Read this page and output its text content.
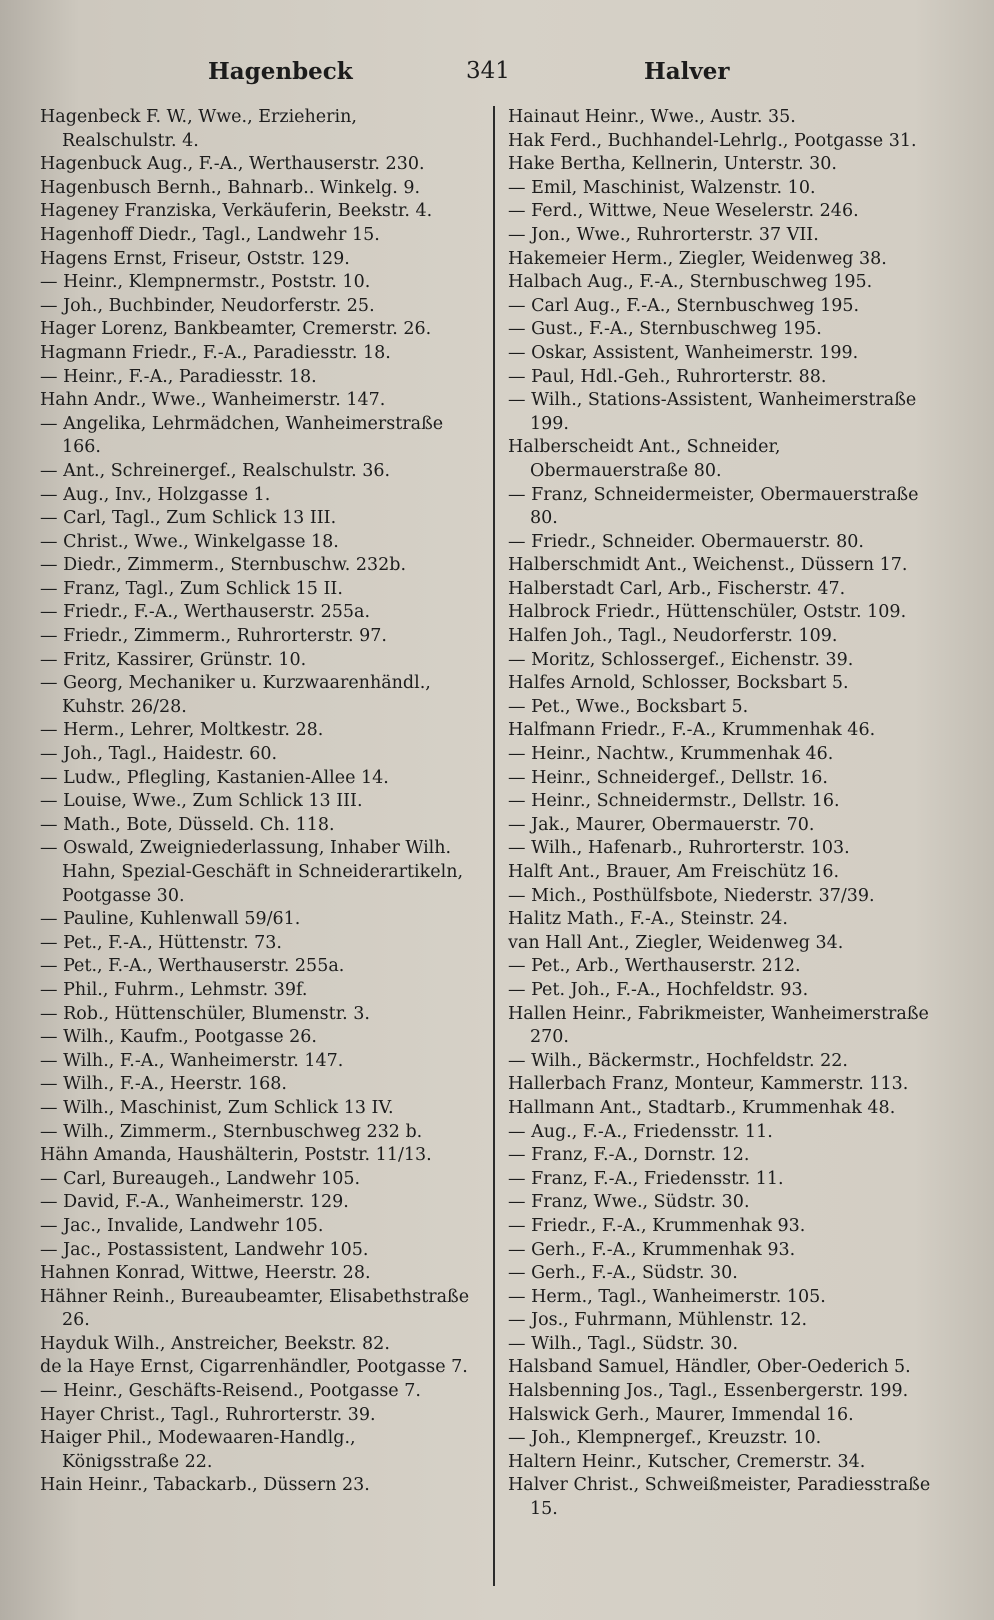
Hagenbeck	341	Halver
Hagenbeck F. W., Wwe., Erzieherin, Realschulstr. 4.
Hagenbuck Aug., F.-A., Werthauserstr. 230.
Hagenbusch Bernh., Bahnarb.. Winkelg. 9.
Hageney Franziska, Verkäuferin, Beekstr. 4.
Hagenhoff Diedr., Tagl., Landwehr 15.
Hagens Ernst, Friseur, Oststr. 129.
— Heinr., Klempnermstr., Poststr. 10.
— Joh., Buchbinder, Neudorferstr. 25.
Hager Lorenz, Bankbeamter, Cremerstr. 26.
Hagmann Friedr., F.-A., Paradiesstr. 18.
— Heinr., F.-A., Paradiesstr. 18.
Hahn Andr., Wwe., Wanheimerstr. 147.
— Angelika, Lehrmädchen, Wanheimerstraße 166.
— Ant., Schreinergef., Realschulstr. 36.
— Aug., Inv., Holzgasse 1.
— Carl, Tagl., Zum Schlick 13 III.
— Christ., Wwe., Winkelgasse 18.
— Diedr., Zimmerm., Sternbuschw. 232b.
— Franz, Tagl., Zum Schlick 15 II.
— Friedr., F.-A., Werthauserstr. 255a.
— Friedr., Zimmerm., Ruhrorterstr. 97.
— Fritz, Kassirer, Grünstr. 10.
— Georg, Mechaniker u. Kurzwaarenhändl., Kuhstr. 26/28.
— Herm., Lehrer, Moltkestr. 28.
— Joh., Tagl., Haidestr. 60.
— Ludw., Pflegling, Kastanien-Allee 14.
— Louise, Wwe., Zum Schlick 13 III.
— Math., Bote, Düsseld. Ch. 118.
— Oswald, Zweigniederlassung, Inhaber Wilh. Hahn, Spezial-Geschäft in Schneiderartikeln, Pootgasse 30.
— Pauline, Kuhlenwall 59/61.
— Pet., F.-A., Hüttenstr. 73.
— Pet., F.-A., Werthauserstr. 255a.
— Phil., Fuhrm., Lehmstr. 39f.
— Rob., Hüttenschüler, Blumenstr. 3.
— Wilh., Kaufm., Pootgasse 26.
— Wilh., F.-A., Wanheimerstr. 147.
— Wilh., F.-A., Heerstr. 168.
— Wilh., Maschinist, Zum Schlick 13 IV.
— Wilh., Zimmerm., Sternbuschweg 232 b.
Hähn Amanda, Haushälterin, Poststr. 11/13.
— Carl, Bureaugeh., Landwehr 105.
— David, F.-A., Wanheimerstr. 129.
— Jac., Invalide, Landwehr 105.
— Jac., Postassistent, Landwehr 105.
Hahnen Konrad, Wittwe, Heerstr. 28.
Hähner Reinh., Bureaubeamter, Elisabethstraße 26.
Hayduk Wilh., Anstreicher, Beekstr. 82.
de la Haye Ernst, Cigarrenhändler, Pootgasse 7.
— Heinr., Geschäfts-Reisend., Pootgasse 7.
Hayer Christ., Tagl., Ruhrorterstr. 39.
Haiger Phil., Modewaaren-Handlg., Königsstraße 22.
Hain Heinr., Tabackarb., Düssern 23.
Hainaut Heinr., Wwe., Austr. 35.
Hak Ferd., Buchhandel-Lehrlg., Pootgasse 31.
Hake Bertha, Kellnerin, Unterstr. 30.
— Emil, Maschinist, Walzenstr. 10.
— Ferd., Wittwe, Neue Weselerstr. 246.
— Jon., Wwe., Ruhrorterstr. 37 VII.
Hakemeier Herm., Ziegler, Weidenweg 38.
Halbach Aug., F.-A., Sternbuschweg 195.
— Carl Aug., F.-A., Sternbuschweg 195.
— Gust., F.-A., Sternbuschweg 195.
— Oskar, Assistent, Wanheimerstr. 199.
— Paul, Hdl.-Geh., Ruhrorterstr. 88.
— Wilh., Stations-Assistent, Wanheimerstraße 199.
Halberscheidt Ant., Schneider, Obermauerstraße 80.
— Franz, Schneidermeister, Obermauerstraße 80.
— Friedr., Schneider. Obermauerstr. 80.
Halberschmidt Ant., Weichenst., Düssern 17.
Halberstadt Carl, Arb., Fischerstr. 47.
Halbrock Friedr., Hüttenschüler, Oststr. 109.
Halfen Joh., Tagl., Neudorferstr. 109.
— Moritz, Schlossergef., Eichenstr. 39.
Halfes Arnold, Schlosser, Bocksbart 5.
— Pet., Wwe., Bocksbart 5.
Halfmann Friedr., F.-A., Krummenhak 46.
— Heinr., Nachtw., Krummenhak 46.
— Heinr., Schneidergef., Dellstr. 16.
— Heinr., Schneidermstr., Dellstr. 16.
— Jak., Maurer, Obermauerstr. 70.
— Wilh., Hafenarb., Ruhrorterstr. 103.
Halft Ant., Brauer, Am Freischütz 16.
— Mich., Posthülfsbote, Niederstr. 37/39.
Halitz Math., F.-A., Steinstr. 24.
van Hall Ant., Ziegler, Weidenweg 34.
— Pet., Arb., Werthauserstr. 212.
— Pet. Joh., F.-A., Hochfeldstr. 93.
Hallen Heinr., Fabrikmeister, Wanheimerstraße 270.
— Wilh., Bäckermstr., Hochfeldstr. 22.
Hallerbach Franz, Monteur, Kammerstr. 113.
Hallmann Ant., Stadtarb., Krummenhak 48.
— Aug., F.-A., Friedensstr. 11.
— Franz, F.-A., Dornstr. 12.
— Franz, F.-A., Friedensstr. 11.
— Franz, Wwe., Südstr. 30.
— Friedr., F.-A., Krummenhak 93.
— Gerh., F.-A., Krummenhak 93.
— Gerh., F.-A., Südstr. 30.
— Herm., Tagl., Wanheimerstr. 105.
— Jos., Fuhrmann, Mühlenstr. 12.
— Wilh., Tagl., Südstr. 30.
Halsband Samuel, Händler, Ober-Oederich 5.
Halsbenning Jos., Tagl., Essenbergerstr. 199.
Halswick Gerh., Maurer, Immendal 16.
— Joh., Klempnergef., Kreuzstr. 10.
Haltern Heinr., Kutscher, Cremerstr. 34.
Halver Christ., Schweißmeister, Paradiesstraße 15.
